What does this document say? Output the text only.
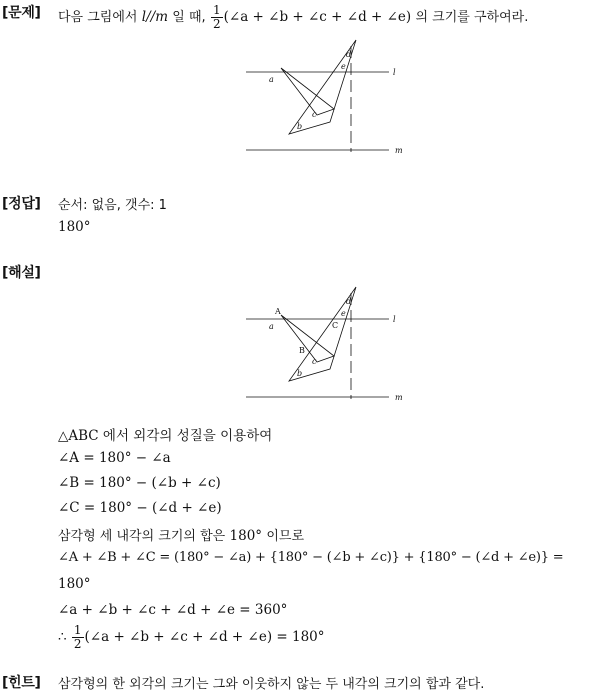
[문제] 다음 그림에서 l//m 일 때, $\frac{1}{2}$ (∠a + ∠b + ∠c + ∠d + ∠e) 의 크기를 구하여라.
l
m
a
b
c
d
e
[정답] 순서: 없음, 갯수: 1
180°
[해설]
l
m
a
b
c
d
e
A
B
C
△ABC 에서 외각의 성질을 이용하여
∠A = 180° − ∠a
∠B = 180° − (∠b + ∠c)
∠C = 180° − (∠d + ∠e)
삼각형 세 내각의 크기의 합은 180° 이므로
∠A + ∠B + ∠C = (180° − ∠a) + {180° − (∠b + ∠c)} + {180° − (∠d + ∠e)} =
180°
∠a + ∠b + ∠c + ∠d + ∠e = 360°
∴ $\frac{1}{2}$ (∠a + ∠b + ∠c + ∠d + ∠e) = 180°
[힌트] 삼각형의 한 외각의 크기는 그와 이웃하지 않는 두 내각의 크기의 합과 같다.
